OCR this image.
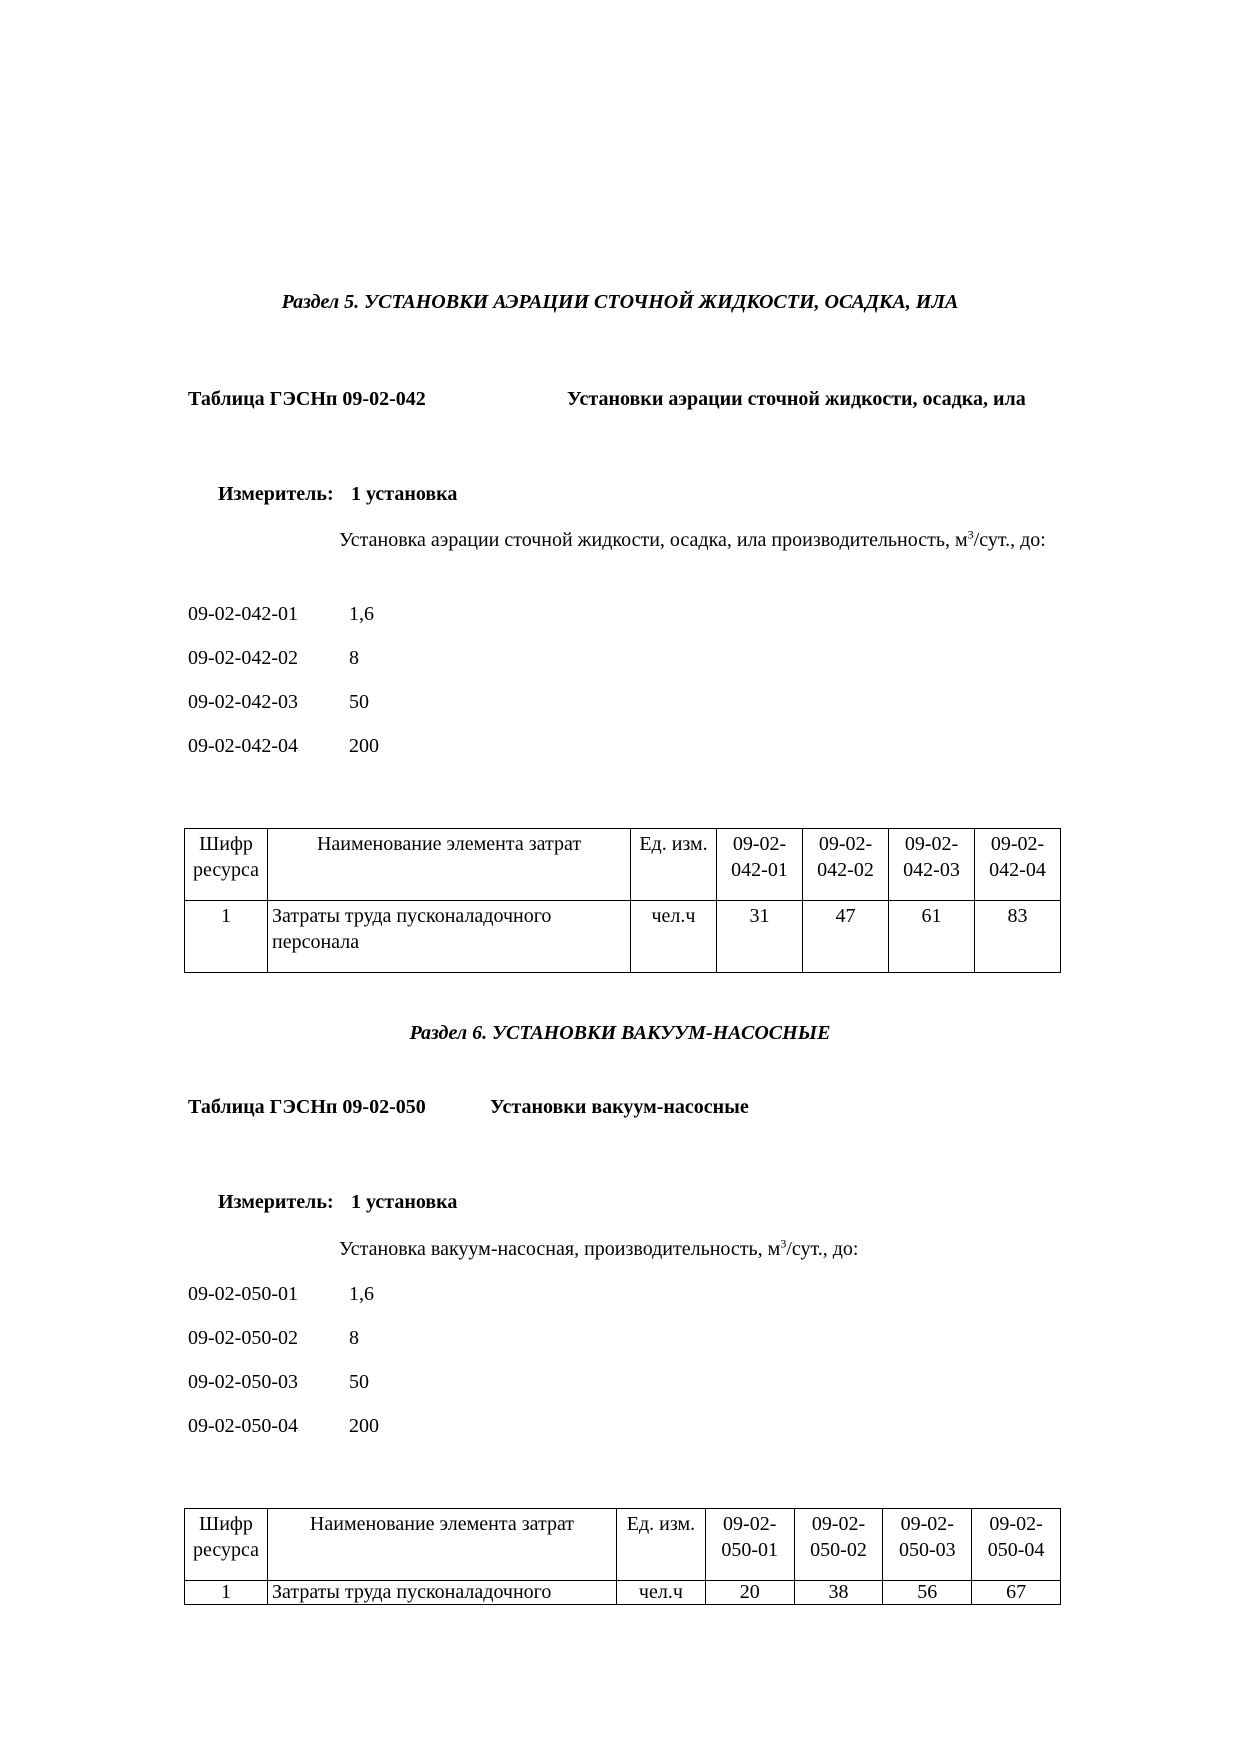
Раздел 5. УСТАНОВКИ АЭРАЦИИ СТОЧНОЙ ЖИДКОСТИ, ОСАДКА, ИЛА
Таблица ГЭСНп 09-02-042	Установки аэрации сточной жидкости, осадка, ила
Измеритель: 1 установка
Установка аэрации сточной жидкости, осадка, ила производительность, $м^3$/сут., до:
09-02-042-01	1,6
09-02-042-02	8
09-02-042-03	50
09-02-042-04	200
Шифр ресурса	Наименование элемента затрат	Ед. изм.	09-02-042-01	09-02-042-02	09-02-042-03	09-02-042-04
1	Затраты труда пусконаладочного персонала	чел.ч	31	47	61	83
Раздел 6. УСТАНОВКИ ВАКУУМ-НАСОСНЫЕ
Таблица ГЭСНп 09-02-050	Установки вакуум-насосные
Измеритель: 1 установка
Установка вакуум-насосная, производительность, $м^3$/сут., до:
09-02-050-01	1,6
09-02-050-02	8
09-02-050-03	50
09-02-050-04	200
Шифр ресурса	Наименование элемента затрат	Ед. изм.	09-02-050-01	09-02-050-02	09-02-050-03	09-02-050-04
1	Затраты труда пусконаладочного	чел.ч	20	38	56	67
